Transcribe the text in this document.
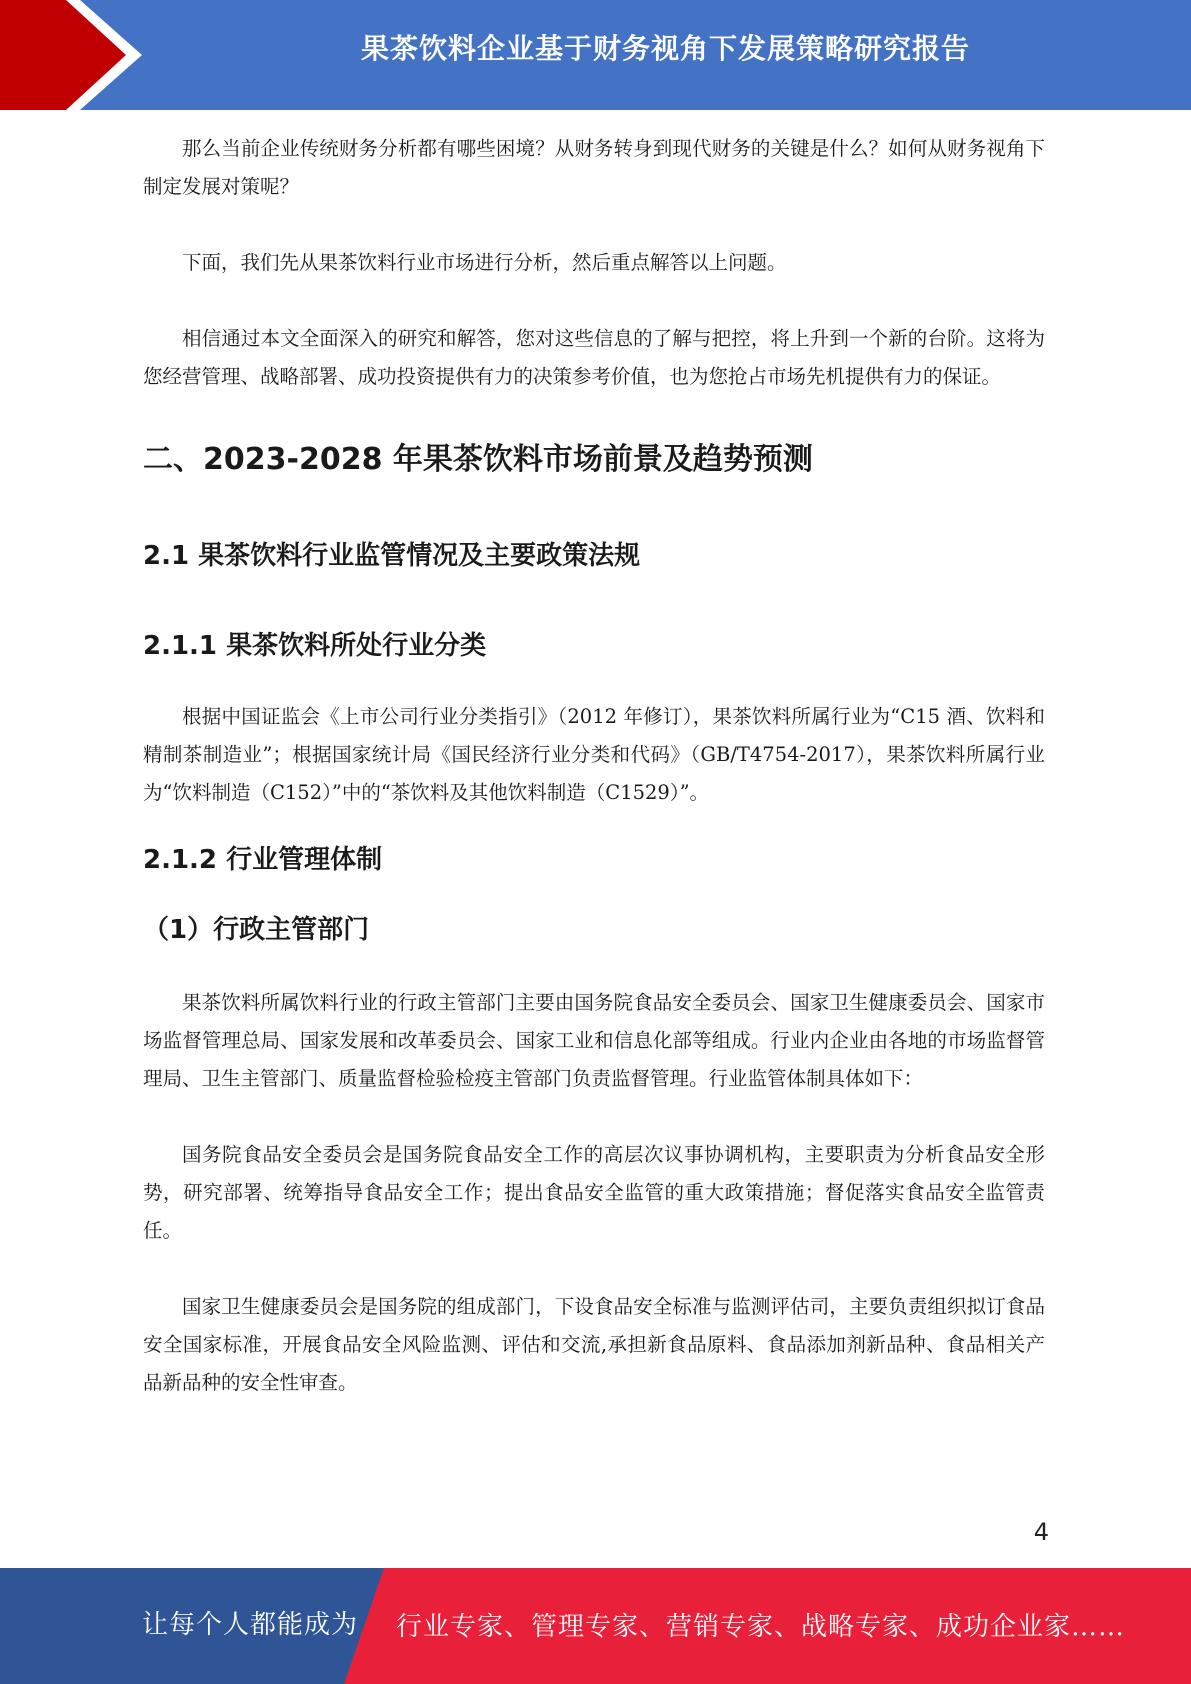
果茶饮料企业基于财务视角下发展策略研究报告

那么当前企业传统财务分析都有哪些困境？从财务转身到现代财务的关键是什么？如何从财务视角下制定发展对策呢？

下面，我们先从果茶饮料行业市场进行分析，然后重点解答以上问题。

相信通过本文全面深入的研究和解答，您对这些信息的了解与把控，将上升到一个新的台阶。这将为您经营管理、战略部署、成功投资提供有力的决策参考价值，也为您抢占市场先机提供有力的保证。

二、2023-2028 年果茶饮料市场前景及趋势预测
2.1 果茶饮料行业监管情况及主要政策法规
2.1.1 果茶饮料所处行业分类

根据中国证监会《上市公司行业分类指引》（2012 年修订），果茶饮料所属行业为“C15 酒、饮料和精制茶制造业”；根据国家统计局《国民经济行业分类和代码》（GB/T4754-2017），果茶饮料所属行业为“饮料制造（C152）”中的“茶饮料及其他饮料制造（C1529）”。

2.1.2 行业管理体制
（1）行政主管部门

果茶饮料所属饮料行业的行政主管部门主要由国务院食品安全委员会、国家卫生健康委员会、国家市场监督管理总局、国家发展和改革委员会、国家工业和信息化部等组成。行业内企业由各地的市场监督管理局、卫生主管部门、质量监督检验检疫主管部门负责监督管理。行业监管体制具体如下：

国务院食品安全委员会是国务院食品安全工作的高层次议事协调机构，主要职责为分析食品安全形势，研究部署、统筹指导食品安全工作；提出食品安全监管的重大政策措施；督促落实食品安全监管责任。

国家卫生健康委员会是国务院的组成部门，下设食品安全标准与监测评估司，主要负责组织拟订食品安全国家标准，开展食品安全风险监测、评估和交流,承担新食品原料、食品添加剂新品种、食品相关产品新品种的安全性审查。

4
让每个人都能成为 行业专家、管理专家、营销专家、战略专家、成功企业家……
